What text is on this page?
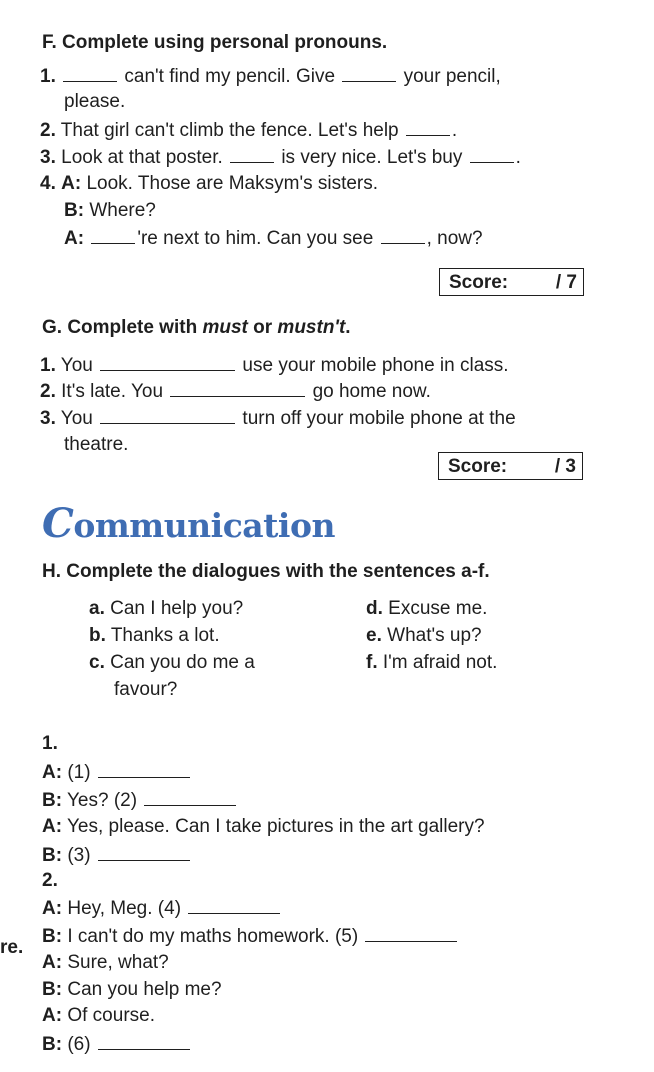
F. Complete using personal pronouns.
1.	can't find my pencil. Give	your pencil,
please.
2. That girl can't climb the fence. Let's help	.
3. Look at that poster.	is very nice. Let's buy	.
4. A: Look. Those are Maksym's sisters.
B: Where?
A:	're next to him. Can you see	, now?
Score:	/ 7
G. Complete with must or mustn't.
1. You	use your mobile phone in class.
2. It's late. You	go home now.
3. You	turn off your mobile phone at the
theatre.
Score:	/ 3
Communication
H. Complete the dialogues with the sentences a-f.
a. Can I help you?
b. Thanks a lot.
c. Can you do me a
favour?
d. Excuse me.
e. What's up?
f. I'm afraid not.
1.
A: (1)
B: Yes? (2)
A: Yes, please. Can I take pictures in the art gallery?
B: (3)
2.
A: Hey, Meg. (4)
B: I can't do my maths homework. (5)
A: Sure, what?
B: Can you help me?
A: Of course.
B: (6)
re.
